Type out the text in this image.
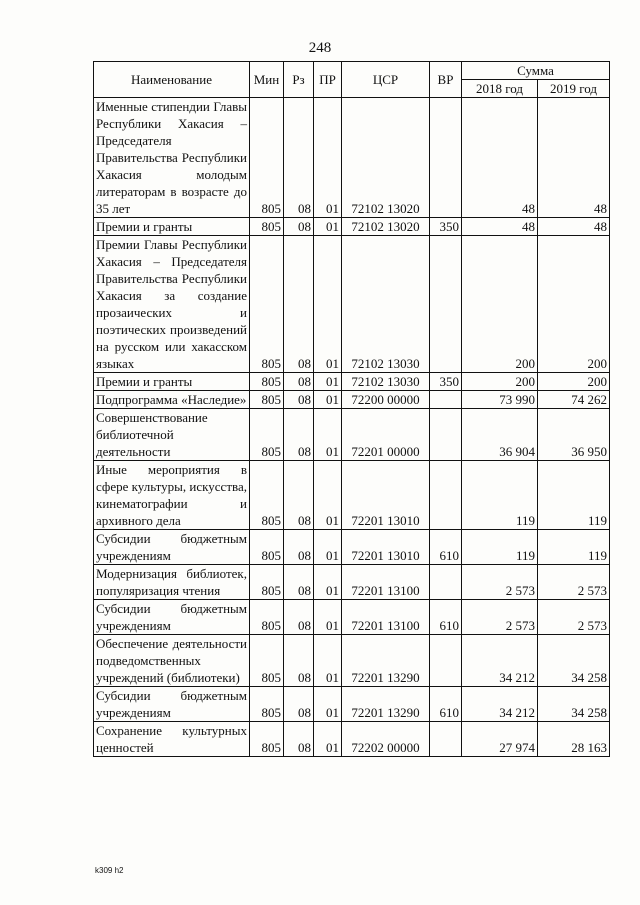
248
Наименование	Мин	Рз	ПР	ЦСР	ВР	Сумма	
						2018 год	2019 год
Именные стипендии Главы Республики Хакасия – Председателя Правительства Республики Хакасия молодым литераторам в возрасте до 35 лет	805	08	01	72102 13020		48	48
Премии и гранты	805	08	01	72102 13020	350	48	48
Премии Главы Республики Хакасия – Председателя Правительства Республики Хакасия за создание прозаических и поэтических произведений на русском или хакасском языках	805	08	01	72102 13030		200	200
Премии и гранты	805	08	01	72102 13030	350	200	200
Подпрограмма «Наследие»	805	08	01	72200 00000		73 990	74 262
Совершенствование библиотечной деятельности	805	08	01	72201 00000		36 904	36 950
Иные мероприятия в сфере культуры, искусства, кинематографии и архивного дела	805	08	01	72201 13010		119	119
Субсидии бюджетным учреждениям	805	08	01	72201 13010	610	119	119
Модернизация библиотек, популяризация чтения	805	08	01	72201 13100		2 573	2 573
Субсидии бюджетным учреждениям	805	08	01	72201 13100	610	2 573	2 573
Обеспечение деятельности подведомственных учреждений (библиотеки)	805	08	01	72201 13290		34 212	34 258
Субсидии бюджетным учреждениям	805	08	01	72201 13290	610	34 212	34 258
Сохранение культурных ценностей	805	08	01	72202 00000		27 974	28 163
k309 h2
